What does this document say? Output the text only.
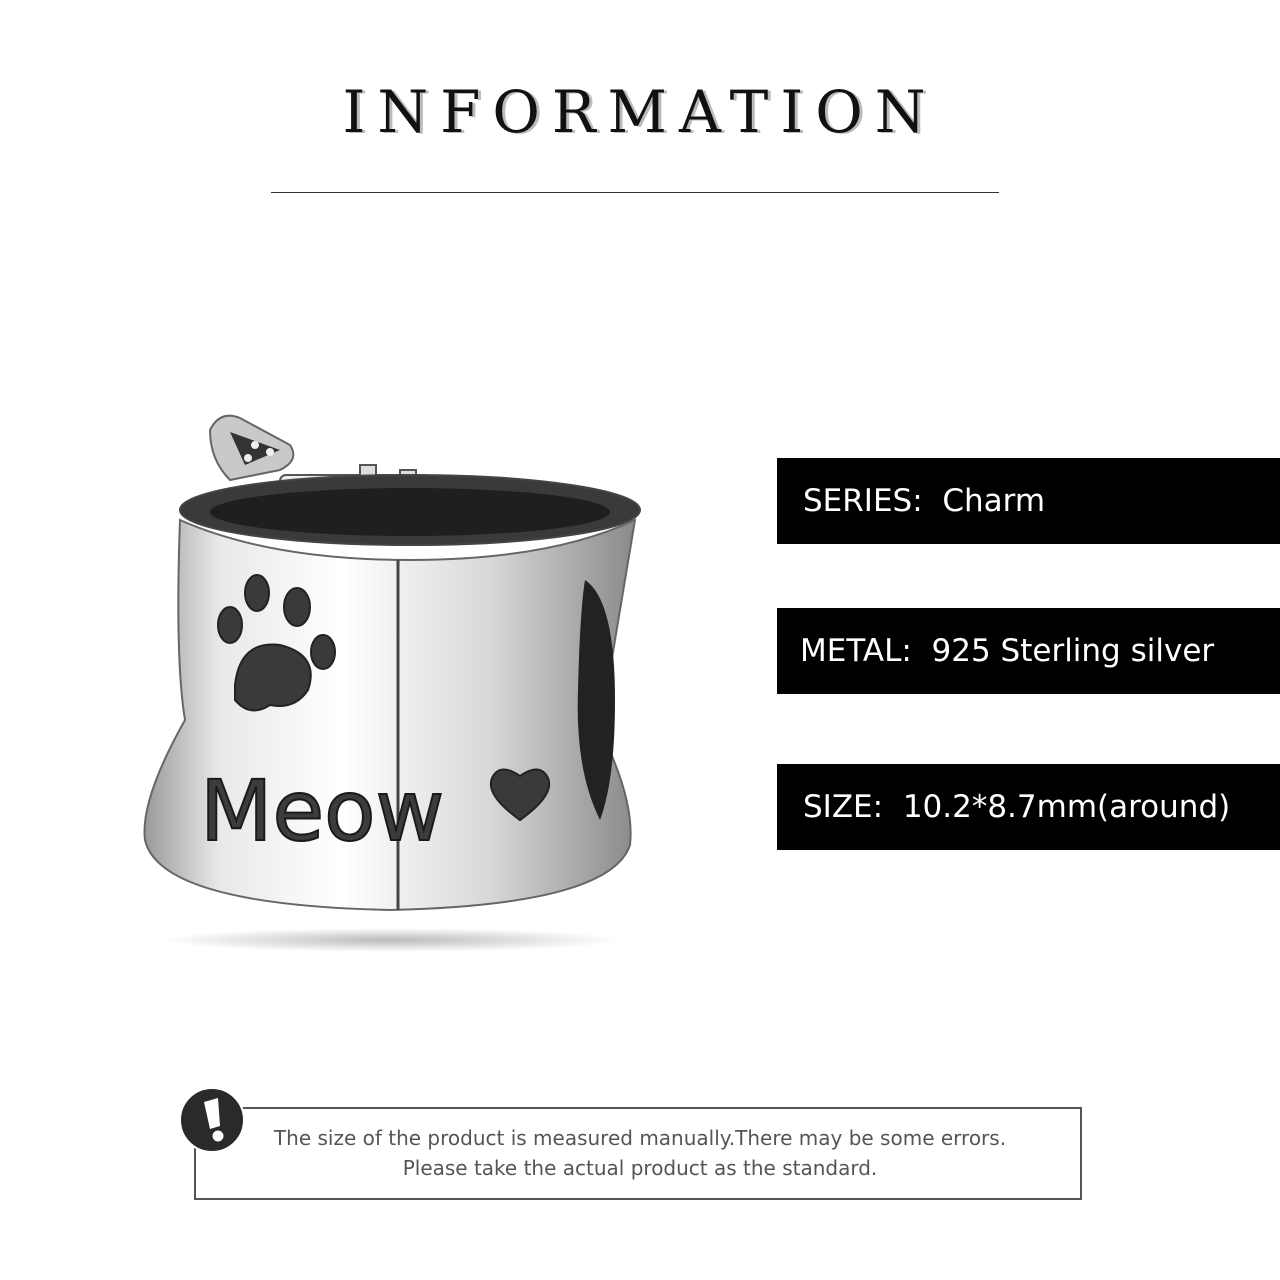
INFORMATION
Meow
SERIES:
Charm
METAL:
925 Sterling silver
SIZE:
10.2*8.7mm(around)
The size of the product is measured manually.There may be some errors.
Please take the actual product as the standard.
